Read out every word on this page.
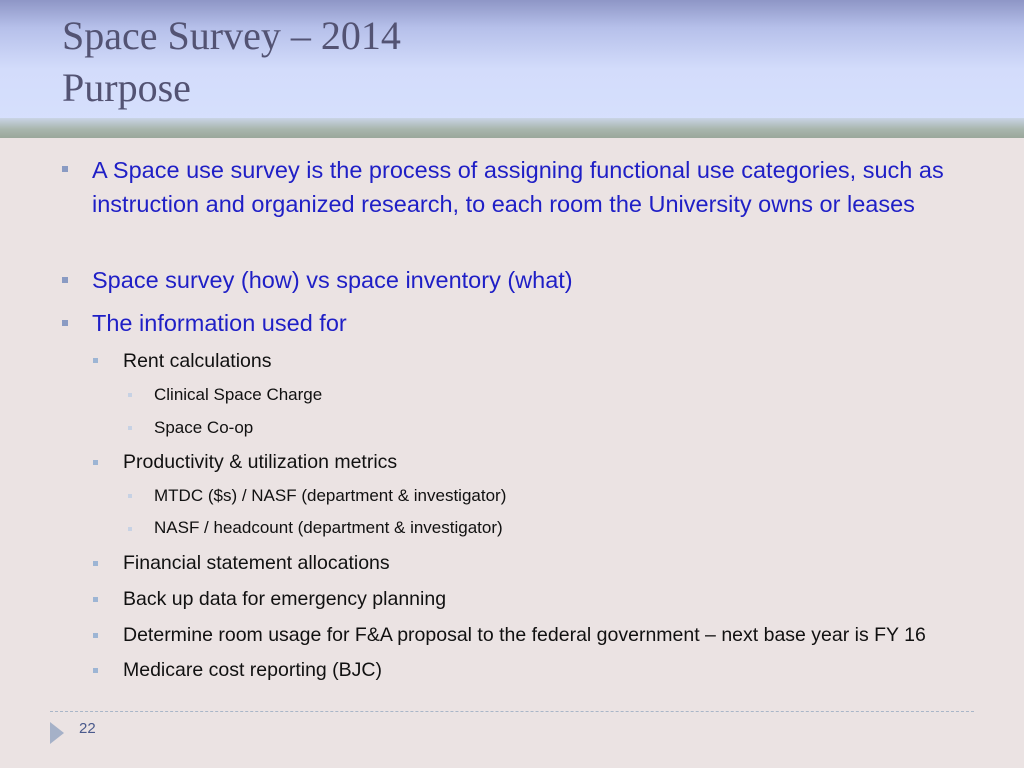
Space Survey – 2014
Purpose
A Space use survey is the process of assigning functional use categories, such as instruction and organized research, to each room the University owns or leases
Space survey (how) vs space inventory (what)
The information used for
Rent calculations
Clinical Space Charge
Space Co-op
Productivity & utilization metrics
MTDC ($s) / NASF (department & investigator)
NASF / headcount (department & investigator)
Financial statement allocations
Back up data for emergency planning
Determine room usage for F&A proposal to the federal government – next base year is FY 16
Medicare cost reporting (BJC)
22
